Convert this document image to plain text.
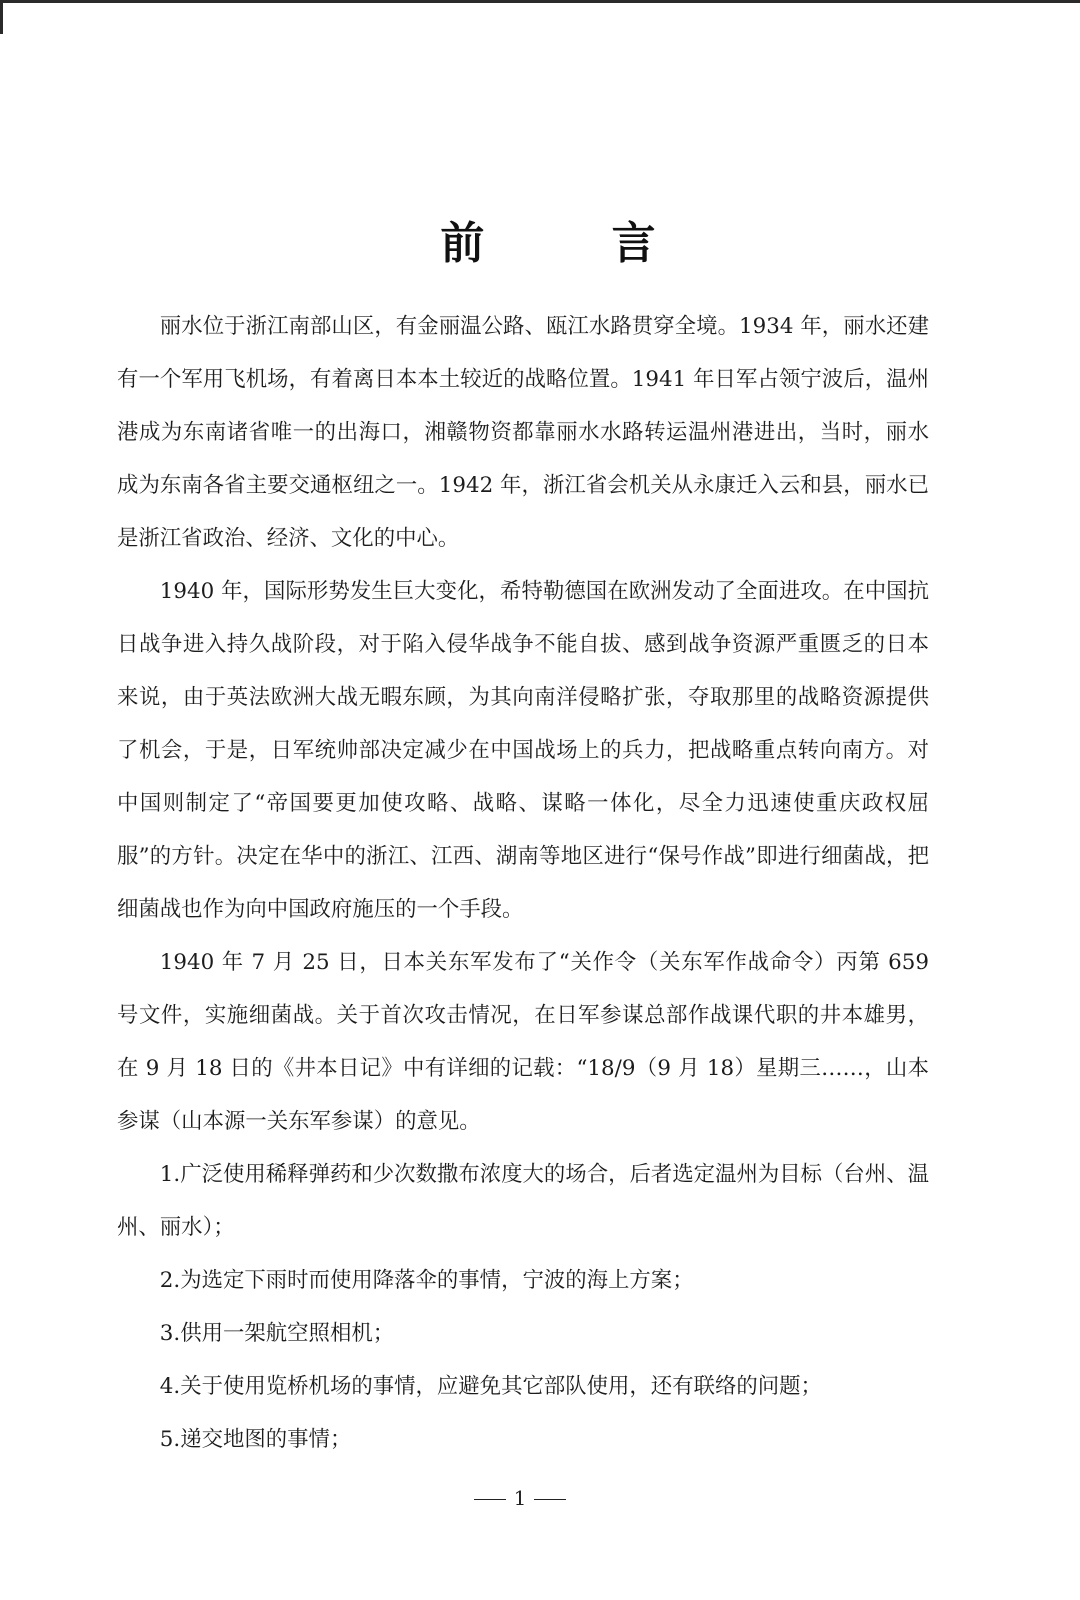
前 言

丽水位于浙江南部山区，有金丽温公路、瓯江水路贯穿全境。1934 年，丽水还建有一个军用飞机场，有着离日本本土较近的战略位置。1941 年日军占领宁波后，温州港成为东南诸省唯一的出海口，湘赣物资都靠丽水水路转运温州港进出，当时，丽水成为东南各省主要交通枢纽之一。1942 年，浙江省会机关从永康迁入云和县，丽水已是浙江省政治、经济、文化的中心。

1940 年，国际形势发生巨大变化，希特勒德国在欧洲发动了全面进攻。在中国抗日战争进入持久战阶段，对于陷入侵华战争不能自拔、感到战争资源严重匮乏的日本来说，由于英法欧洲大战无暇东顾，为其向南洋侵略扩张，夺取那里的战略资源提供了机会，于是，日军统帅部决定减少在中国战场上的兵力，把战略重点转向南方。对中国则制定了“帝国要更加使攻略、战略、谋略一体化，尽全力迅速使重庆政权屈服”的方针。决定在华中的浙江、江西、湖南等地区进行“保号作战”即进行细菌战，把细菌战也作为向中国政府施压的一个手段。

1940 年 7 月 25 日，日本关东军发布了“关作令（关东军作战命令）丙第 659 号文件，实施细菌战。关于首次攻击情况，在日军参谋总部作战课代职的井本雄男，在 9 月 18 日的《井本日记》中有详细的记载：“18/9（9 月 18）星期三……，山本参谋（山本源一关东军参谋）的意见。

1.广泛使用稀释弹药和少次数撒布浓度大的场合，后者选定温州为目标（台州、温州、丽水）；

2.为选定下雨时而使用降落伞的事情，宁波的海上方案；

3.供用一架航空照相机；

4.关于使用览桥机场的事情，应避免其它部队使用，还有联络的问题；

5.递交地图的事情；

1
